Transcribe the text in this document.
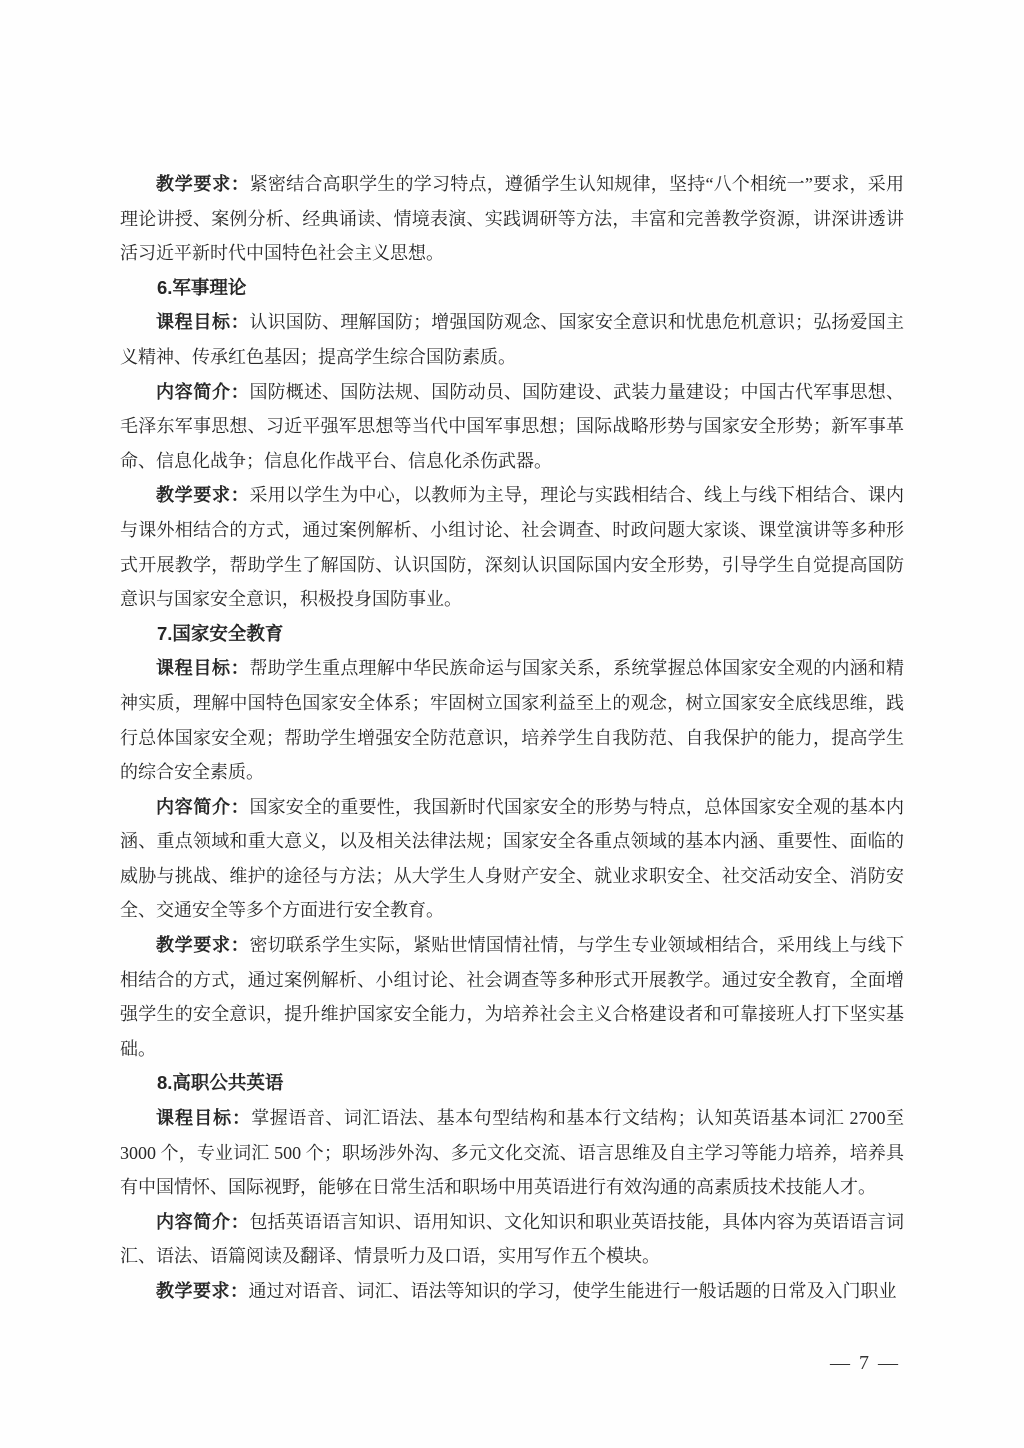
教学要求：紧密结合高职学生的学习特点，遵循学生认知规律，坚持“八个相统一”要求，采用理论讲授、案例分析、经典诵读、情境表演、实践调研等方法，丰富和完善教学资源，讲深讲透讲活习近平新时代中国特色社会主义思想。

6.军事理论

课程目标：认识国防、理解国防；增强国防观念、国家安全意识和忧患危机意识；弘扬爱国主义精神、传承红色基因；提高学生综合国防素质。

内容简介：国防概述、国防法规、国防动员、国防建设、武装力量建设；中国古代军事思想、毛泽东军事思想、习近平强军思想等当代中国军事思想；国际战略形势与国家安全形势；新军事革命、信息化战争；信息化作战平台、信息化杀伤武器。

教学要求：采用以学生为中心，以教师为主导，理论与实践相结合、线上与线下相结合、课内与课外相结合的方式，通过案例解析、小组讨论、社会调查、时政问题大家谈、课堂演讲等多种形式开展教学，帮助学生了解国防、认识国防，深刻认识国际国内安全形势，引导学生自觉提高国防意识与国家安全意识，积极投身国防事业。

7.国家安全教育

课程目标：帮助学生重点理解中华民族命运与国家关系，系统掌握总体国家安全观的内涵和精神实质，理解中国特色国家安全体系；牢固树立国家利益至上的观念，树立国家安全底线思维，践行总体国家安全观；帮助学生增强安全防范意识，培养学生自我防范、自我保护的能力，提高学生的综合安全素质。

内容简介：国家安全的重要性，我国新时代国家安全的形势与特点，总体国家安全观的基本内涵、重点领域和重大意义，以及相关法律法规；国家安全各重点领域的基本内涵、重要性、面临的威胁与挑战、维护的途径与方法；从大学生人身财产安全、就业求职安全、社交活动安全、消防安全、交通安全等多个方面进行安全教育。

教学要求：密切联系学生实际，紧贴世情国情社情，与学生专业领域相结合，采用线上与线下相结合的方式，通过案例解析、小组讨论、社会调查等多种形式开展教学。通过安全教育，全面增强学生的安全意识，提升维护国家安全能力，为培养社会主义合格建设者和可靠接班人打下坚实基础。

8.高职公共英语

课程目标：掌握语音、词汇语法、基本句型结构和基本行文结构；认知英语基本词汇 2700至3000 个，专业词汇 500 个；职场涉外沟、多元文化交流、语言思维及自主学习等能力培养，培养具有中国情怀、国际视野，能够在日常生活和职场中用英语进行有效沟通的高素质技术技能人才。

内容简介：包括英语语言知识、语用知识、文化知识和职业英语技能，具体内容为英语语言词汇、语法、语篇阅读及翻译、情景听力及口语，实用写作五个模块。

教学要求：通过对语音、词汇、语法等知识的学习，使学生能进行一般话题的日常及入门职业

— 7 —
